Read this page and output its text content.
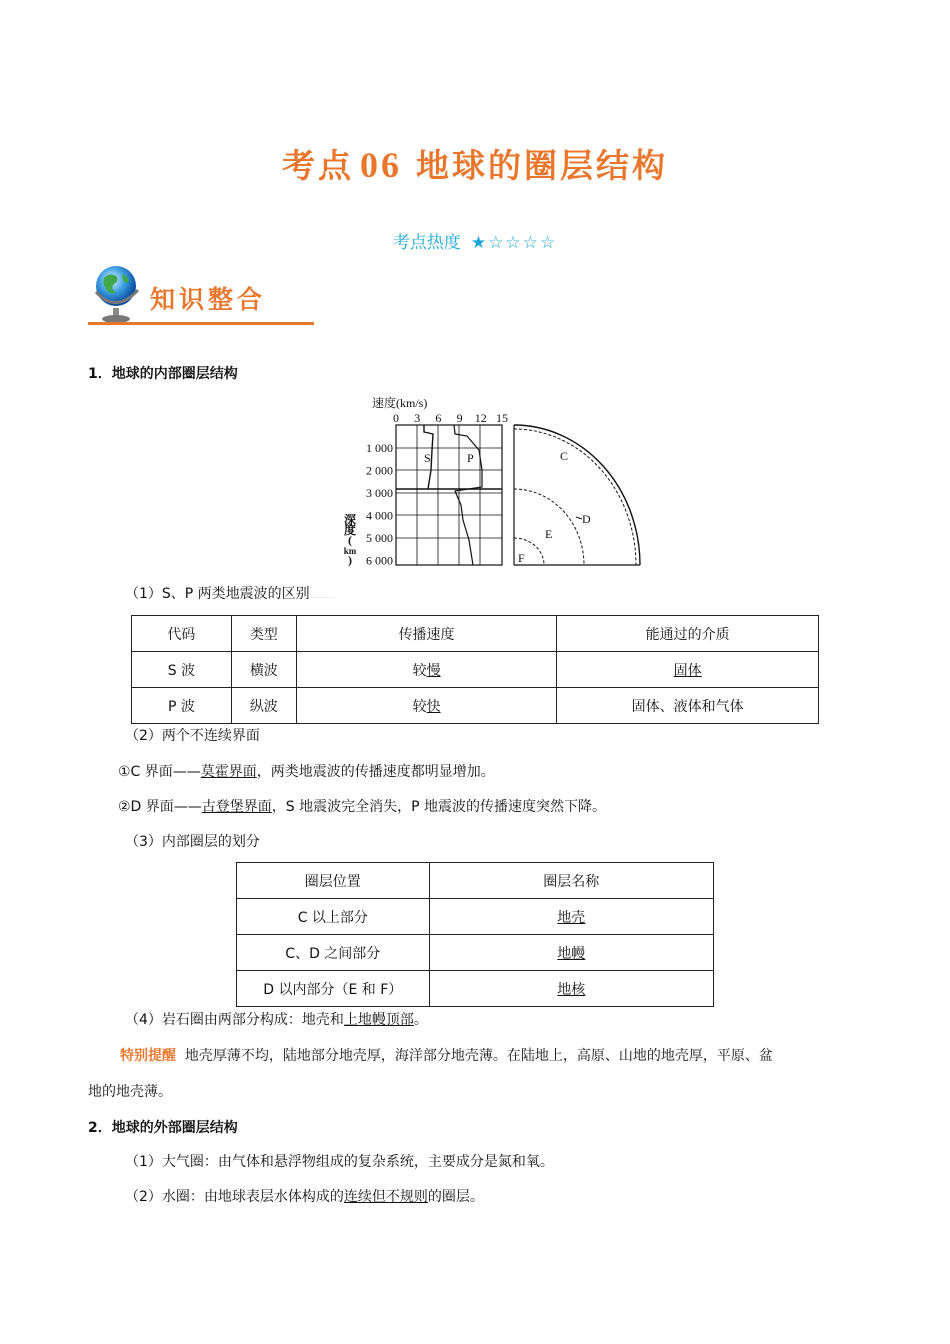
考点 06 地球的圈层结构
考点热度 ★☆☆☆☆
知识整合
1．地球的内部圈层结构
速度(km/s)
0 3 6 9 12 15
1 000
2 000
3 000
4 000
5 000
6 000
深
度
(
km
)
S	P	C
D
E
F
（1）S、P 两类地震波的区别………………
代码	类型	传播速度	能通过的介质
S 波	横波	较慢	固体
P 波	纵波	较快	固体、液体和气体
（2）两个不连续界面
①C 界面——莫霍界面，两类地震波的传播速度都明显增加。
②D 界面——古登堡界面，S 地震波完全消失，P 地震波的传播速度突然下降。
（3）内部圈层的划分
圈层位置	圈层名称
C 以上部分	地壳
C、D 之间部分	地幔
D 以内部分（E 和 F）	地核
（4）岩石圈由两部分构成：地壳和上地幔顶部。
特别提醒 地壳厚薄不均，陆地部分地壳厚，海洋部分地壳薄。在陆地上，高原、山地的地壳厚，平原、盆
地的地壳薄。
2．地球的外部圈层结构
（1）大气圈：由气体和悬浮物组成的复杂系统，主要成分是氮和氧。
（2）水圈：由地球表层水体构成的连续但不规则的圈层。
